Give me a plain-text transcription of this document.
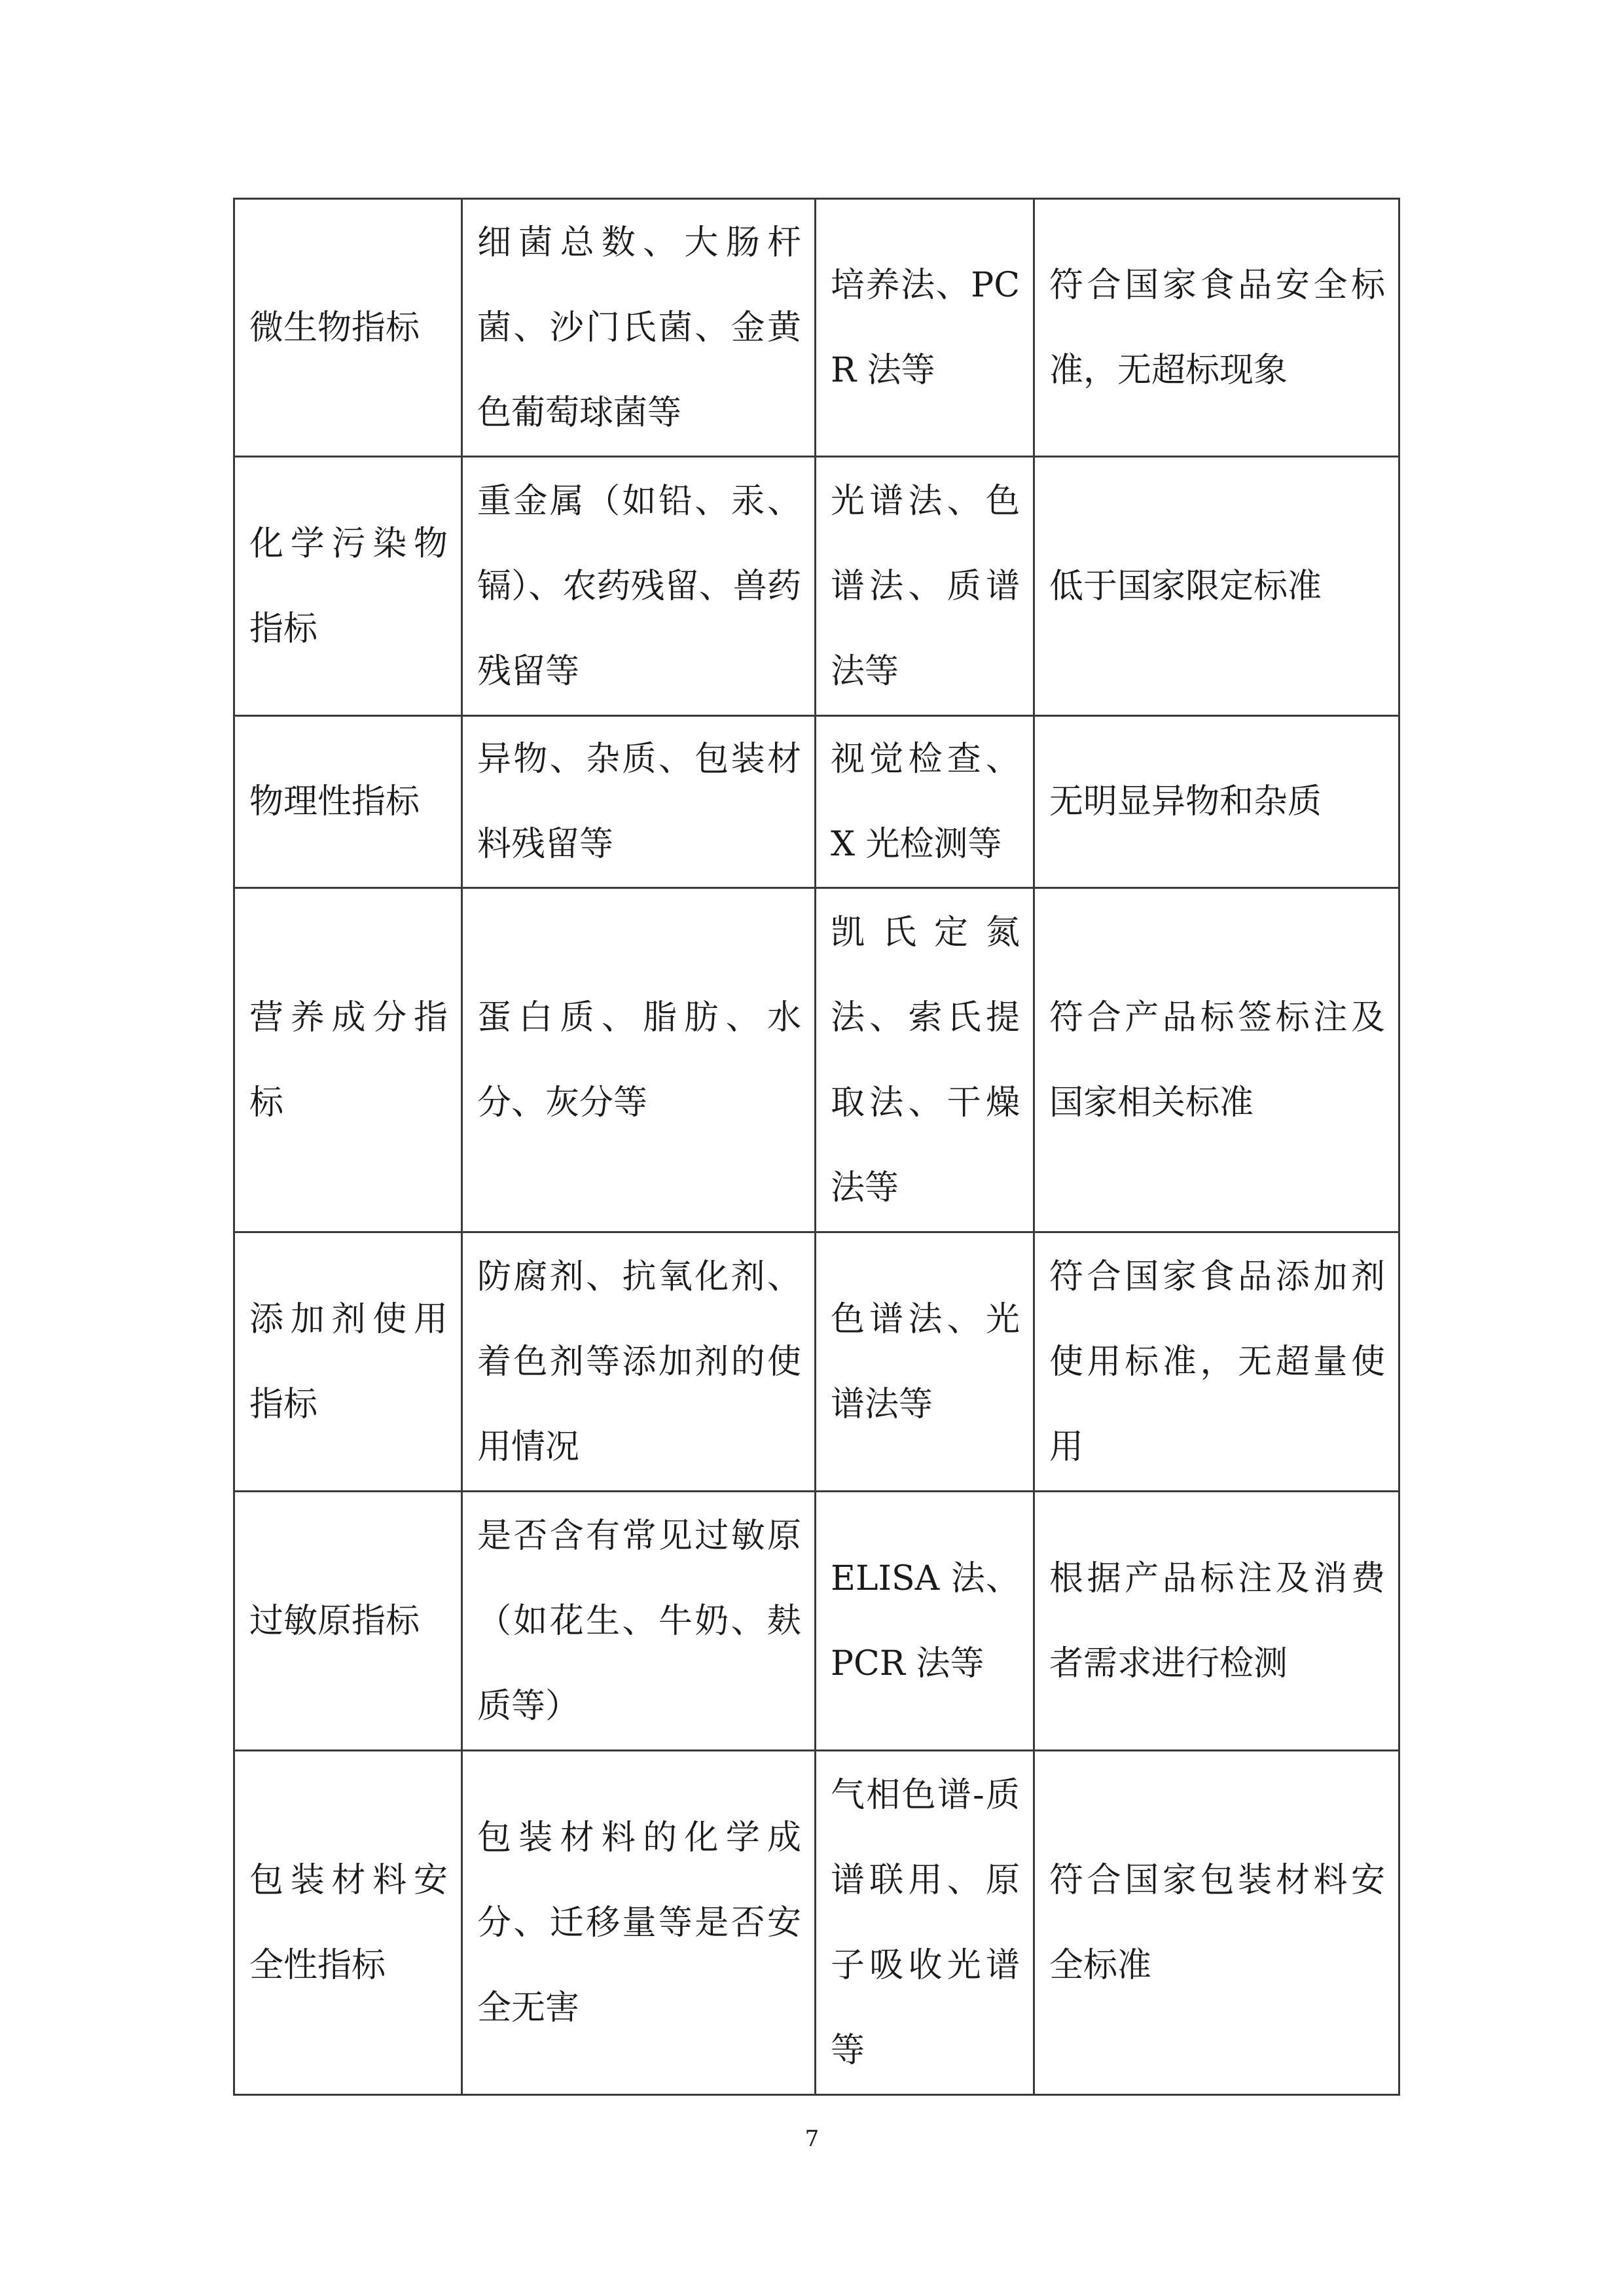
微生物指标	细菌总数、大肠杆菌、沙门氏菌、金黄色葡萄球菌等	培养法、PCR 法等	符合国家食品安全标准，无超标现象
化学污染物指标	重金属（如铅、汞、镉）、农药残留、兽药残留等	光谱法、色谱法、质谱法等	低于国家限定标准
物理性指标	异物、杂质、包装材料残留等	视觉检查、X 光检测等	无明显异物和杂质
营养成分指标	蛋白质、脂肪、水分、灰分等	凯氏定氮法、索氏提取法、干燥法等	符合产品标签标注及国家相关标准
添加剂使用指标	防腐剂、抗氧化剂、着色剂等添加剂的使用情况	色谱法、光谱法等	符合国家食品添加剂使用标准，无超量使用
过敏原指标	是否含有常见过敏原（如花生、牛奶、麸质等）	ELISA 法、PCR 法等	根据产品标注及消费者需求进行检测
包装材料安全性指标	包装材料的化学成分、迁移量等是否安全无害	气相色谱-质谱联用、原子吸收光谱等	符合国家包装材料安全标准
7
